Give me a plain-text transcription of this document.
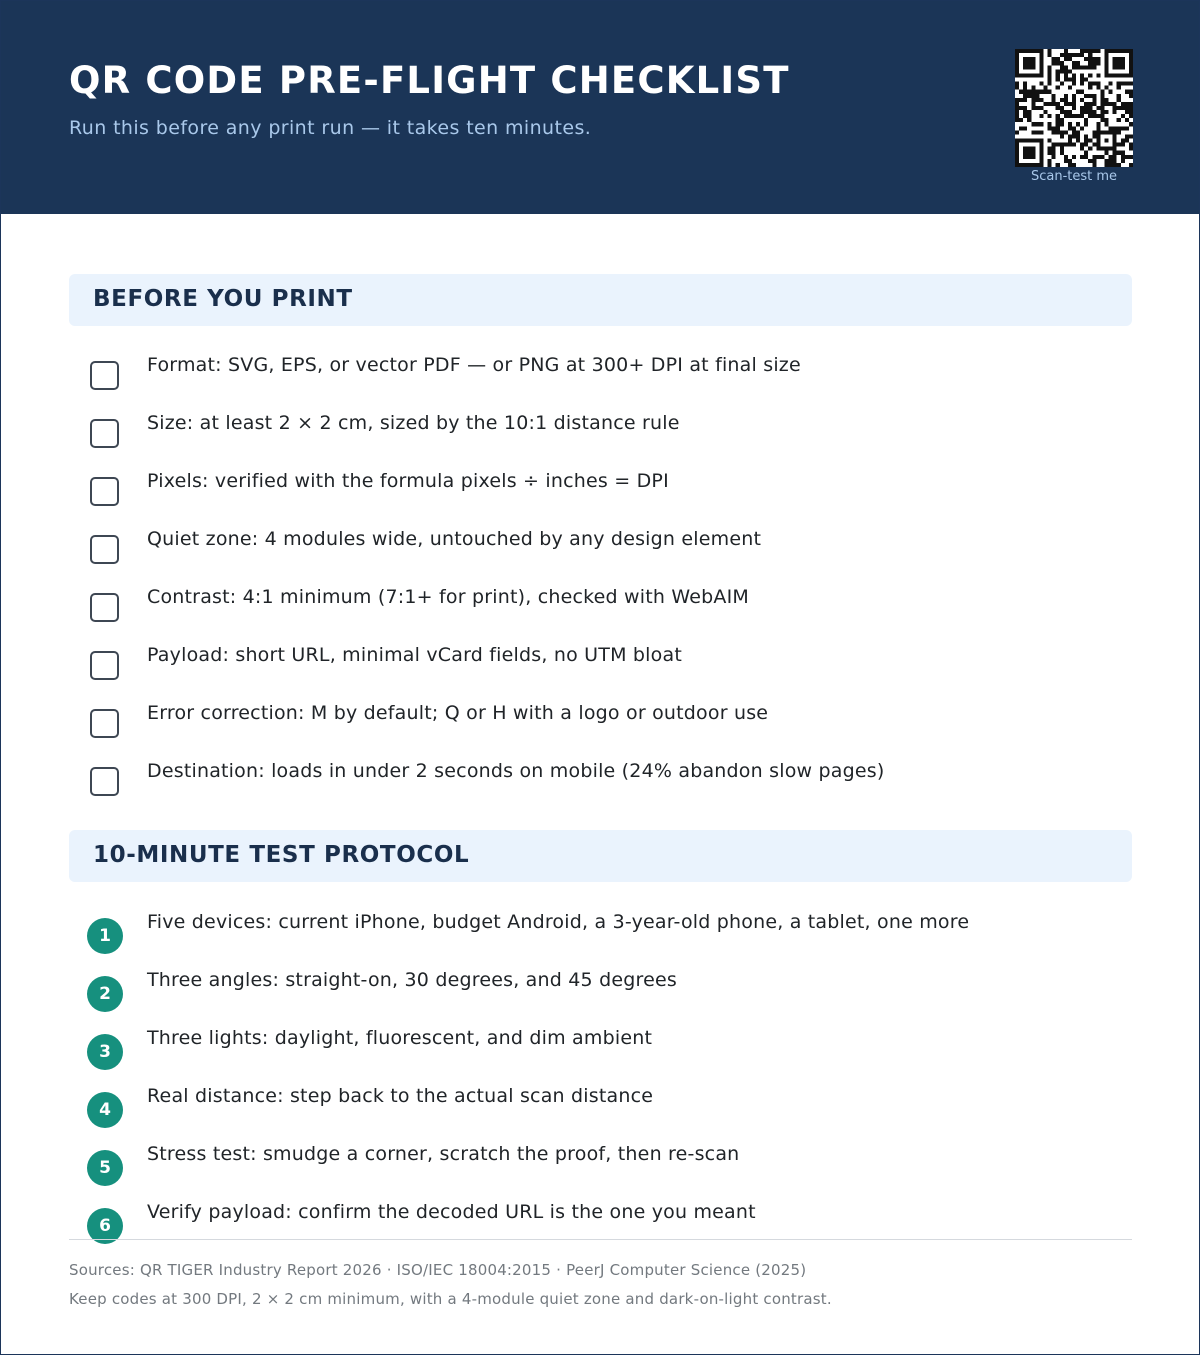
QR CODE PRE-FLIGHT CHECKLIST
Run this before any print run — it takes ten minutes.
Scan-test me
BEFORE YOU PRINT
Format: SVG, EPS, or vector PDF — or PNG at 300+ DPI at final size
Size: at least 2 × 2 cm, sized by the 10:1 distance rule
Pixels: verified with the formula pixels ÷ inches = DPI
Quiet zone: 4 modules wide, untouched by any design element
Contrast: 4:1 minimum (7:1+ for print), checked with WebAIM
Payload: short URL, minimal vCard fields, no UTM bloat
Error correction: M by default; Q or H with a logo or outdoor use
Destination: loads in under 2 seconds on mobile (24% abandon slow pages)
10-MINUTE TEST PROTOCOL
1
Five devices: current iPhone, budget Android, a 3-year-old phone, a tablet, one more
2
Three angles: straight-on, 30 degrees, and 45 degrees
3
Three lights: daylight, fluorescent, and dim ambient
4
Real distance: step back to the actual scan distance
5
Stress test: smudge a corner, scratch the proof, then re-scan
6
Verify payload: confirm the decoded URL is the one you meant
Sources: QR TIGER Industry Report 2026 · ISO/IEC 18004:2015 · PeerJ Computer Science (2025)
Keep codes at 300 DPI, 2 × 2 cm minimum, with a 4-module quiet zone and dark-on-light contrast.
